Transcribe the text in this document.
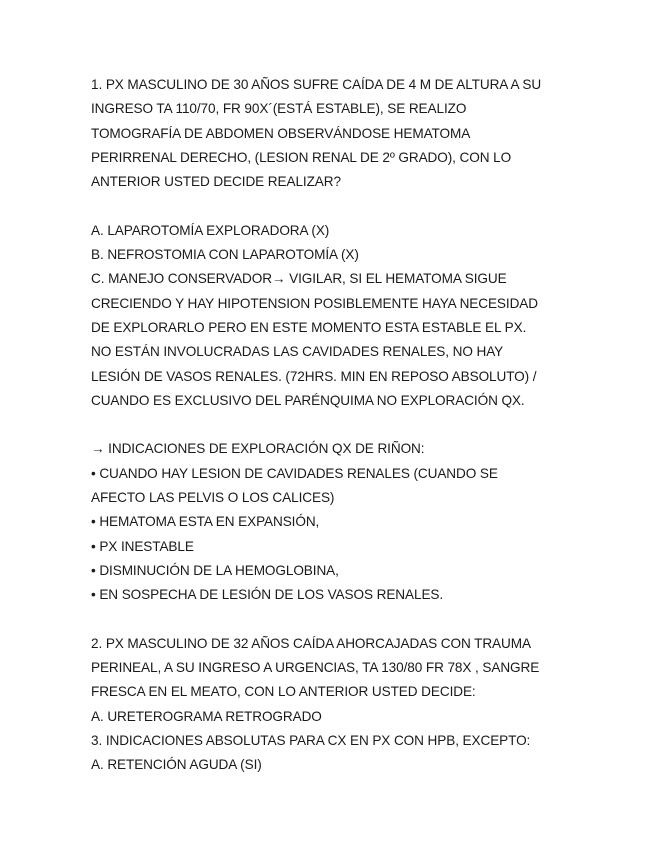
1. PX MASCULINO DE 30 AÑOS SUFRE CAÍDA DE 4 M DE ALTURA A SU
INGRESO TA 110/70, FR 90X´(ESTÁ ESTABLE), SE REALIZO
TOMOGRAFÍA DE ABDOMEN OBSERVÁNDOSE HEMATOMA
PERIRRENAL DERECHO, (LESION RENAL DE 2º GRADO), CON LO
ANTERIOR USTED DECIDE REALIZAR?
A. LAPAROTOMÍA EXPLORADORA (X)
B. NEFROSTOMIA CON LAPAROTOMÍA (X)
C. MANEJO CONSERVADOR→ VIGILAR, SI EL HEMATOMA SIGUE
CRECIENDO Y HAY HIPOTENSION POSIBLEMENTE HAYA NECESIDAD
DE EXPLORARLO PERO EN ESTE MOMENTO ESTA ESTABLE EL PX.
NO ESTÁN INVOLUCRADAS LAS CAVIDADES RENALES, NO HAY
LESIÓN DE VASOS RENALES. (72HRS. MIN EN REPOSO ABSOLUTO) /
CUANDO ES EXCLUSIVO DEL PARÉNQUIMA NO EXPLORACIÓN QX.
→ INDICACIONES DE EXPLORACIÓN QX DE RIÑON:
• CUANDO HAY LESION DE CAVIDADES RENALES (CUANDO SE
AFECTO LAS PELVIS O LOS CALICES)
• HEMATOMA ESTA EN EXPANSIÓN,
• PX INESTABLE
• DISMINUCIÓN DE LA HEMOGLOBINA,
• EN SOSPECHA DE LESIÓN DE LOS VASOS RENALES.
2. PX MASCULINO DE 32 AÑOS CAÍDA AHORCAJADAS CON TRAUMA
PERINEAL, A SU INGRESO A URGENCIAS, TA 130/80 FR 78X , SANGRE
FRESCA EN EL MEATO, CON LO ANTERIOR USTED DECIDE:
A. URETEROGRAMA RETROGRADO
3. INDICACIONES ABSOLUTAS PARA CX EN PX CON HPB, EXCEPTO:
A. RETENCIÓN AGUDA (SI)
